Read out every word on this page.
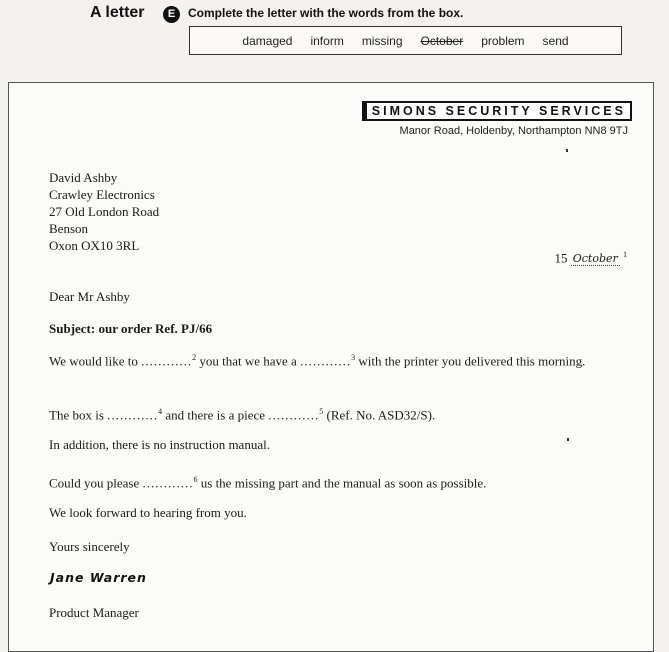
A letter	E	Complete the letter with the words from the box.
damaged inform missing October problem send
SIMONS SECURITY SERVICES
Manor Road, Holdenby, Northampton NN8 9TJ
David Ashby
Crawley Electronics
27 Old London Road
Benson
Oxon OX10 3RL
15 October $^1$
Dear Mr Ashby
Subject: our order Ref. PJ/66
We would like to ............$^2$ you that we have a ............$^3$ with the printer you delivered this morning.
The box is ............$^4$ and there is a piece ............$^5$ (Ref. No. ASD32/S).
In addition, there is no instruction manual.
Could you please ............$^6$ us the missing part and the manual as soon as possible.
We look forward to hearing from you.
Yours sincerely
Jane Warren
Product Manager
